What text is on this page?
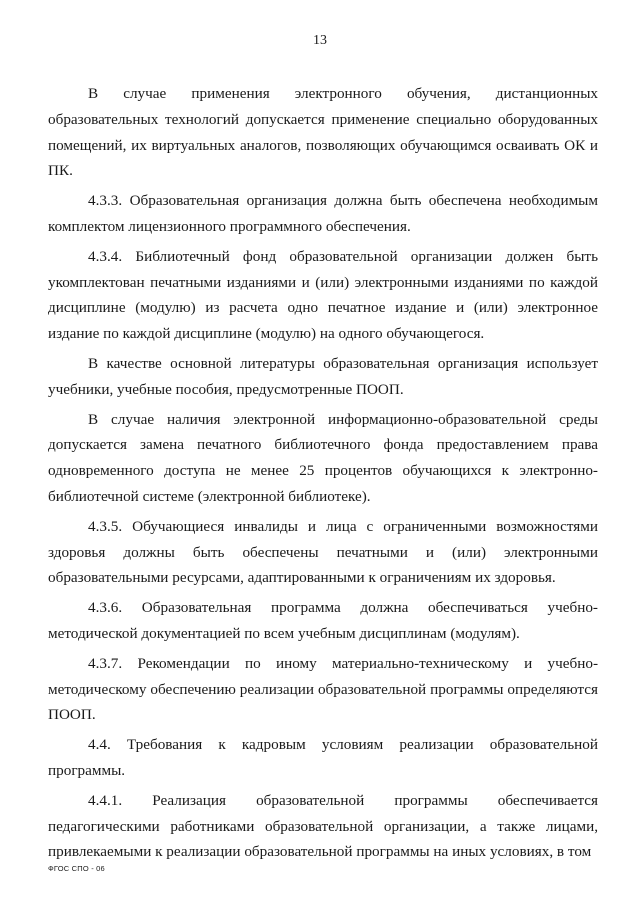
13

В случае применения электронного обучения, дистанционных образовательных технологий допускается применение специально оборудованных помещений, их виртуальных аналогов, позволяющих обучающимся осваивать ОК и ПК.

4.3.3. Образовательная организация должна быть обеспечена необходимым комплектом лицензионного программного обеспечения.

4.3.4. Библиотечный фонд образовательной организации должен быть укомплектован печатными изданиями и (или) электронными изданиями по каждой дисциплине (модулю) из расчета одно печатное издание и (или) электронное издание по каждой дисциплине (модулю) на одного обучающегося.

В качестве основной литературы образовательная организация использует учебники, учебные пособия, предусмотренные ПООП.

В случае наличия электронной информационно-образовательной среды допускается замена печатного библиотечного фонда предоставлением права одновременного доступа не менее 25 процентов обучающихся к электронно-библиотечной системе (электронной библиотеке).

4.3.5. Обучающиеся инвалиды и лица с ограниченными возможностями здоровья должны быть обеспечены печатными и (или) электронными образовательными ресурсами, адаптированными к ограничениям их здоровья.

4.3.6. Образовательная программа должна обеспечиваться учебно-методической документацией по всем учебным дисциплинам (модулям).

4.3.7. Рекомендации по иному материально-техническому и учебно-методическому обеспечению реализации образовательной программы определяются ПООП.

4.4. Требования к кадровым условиям реализации образовательной программы.

4.4.1. Реализация образовательной программы обеспечивается педагогическими работниками образовательной организации, а также лицами, привлекаемыми к реализации образовательной программы на иных условиях, в том

ФГОС СПО - 06
